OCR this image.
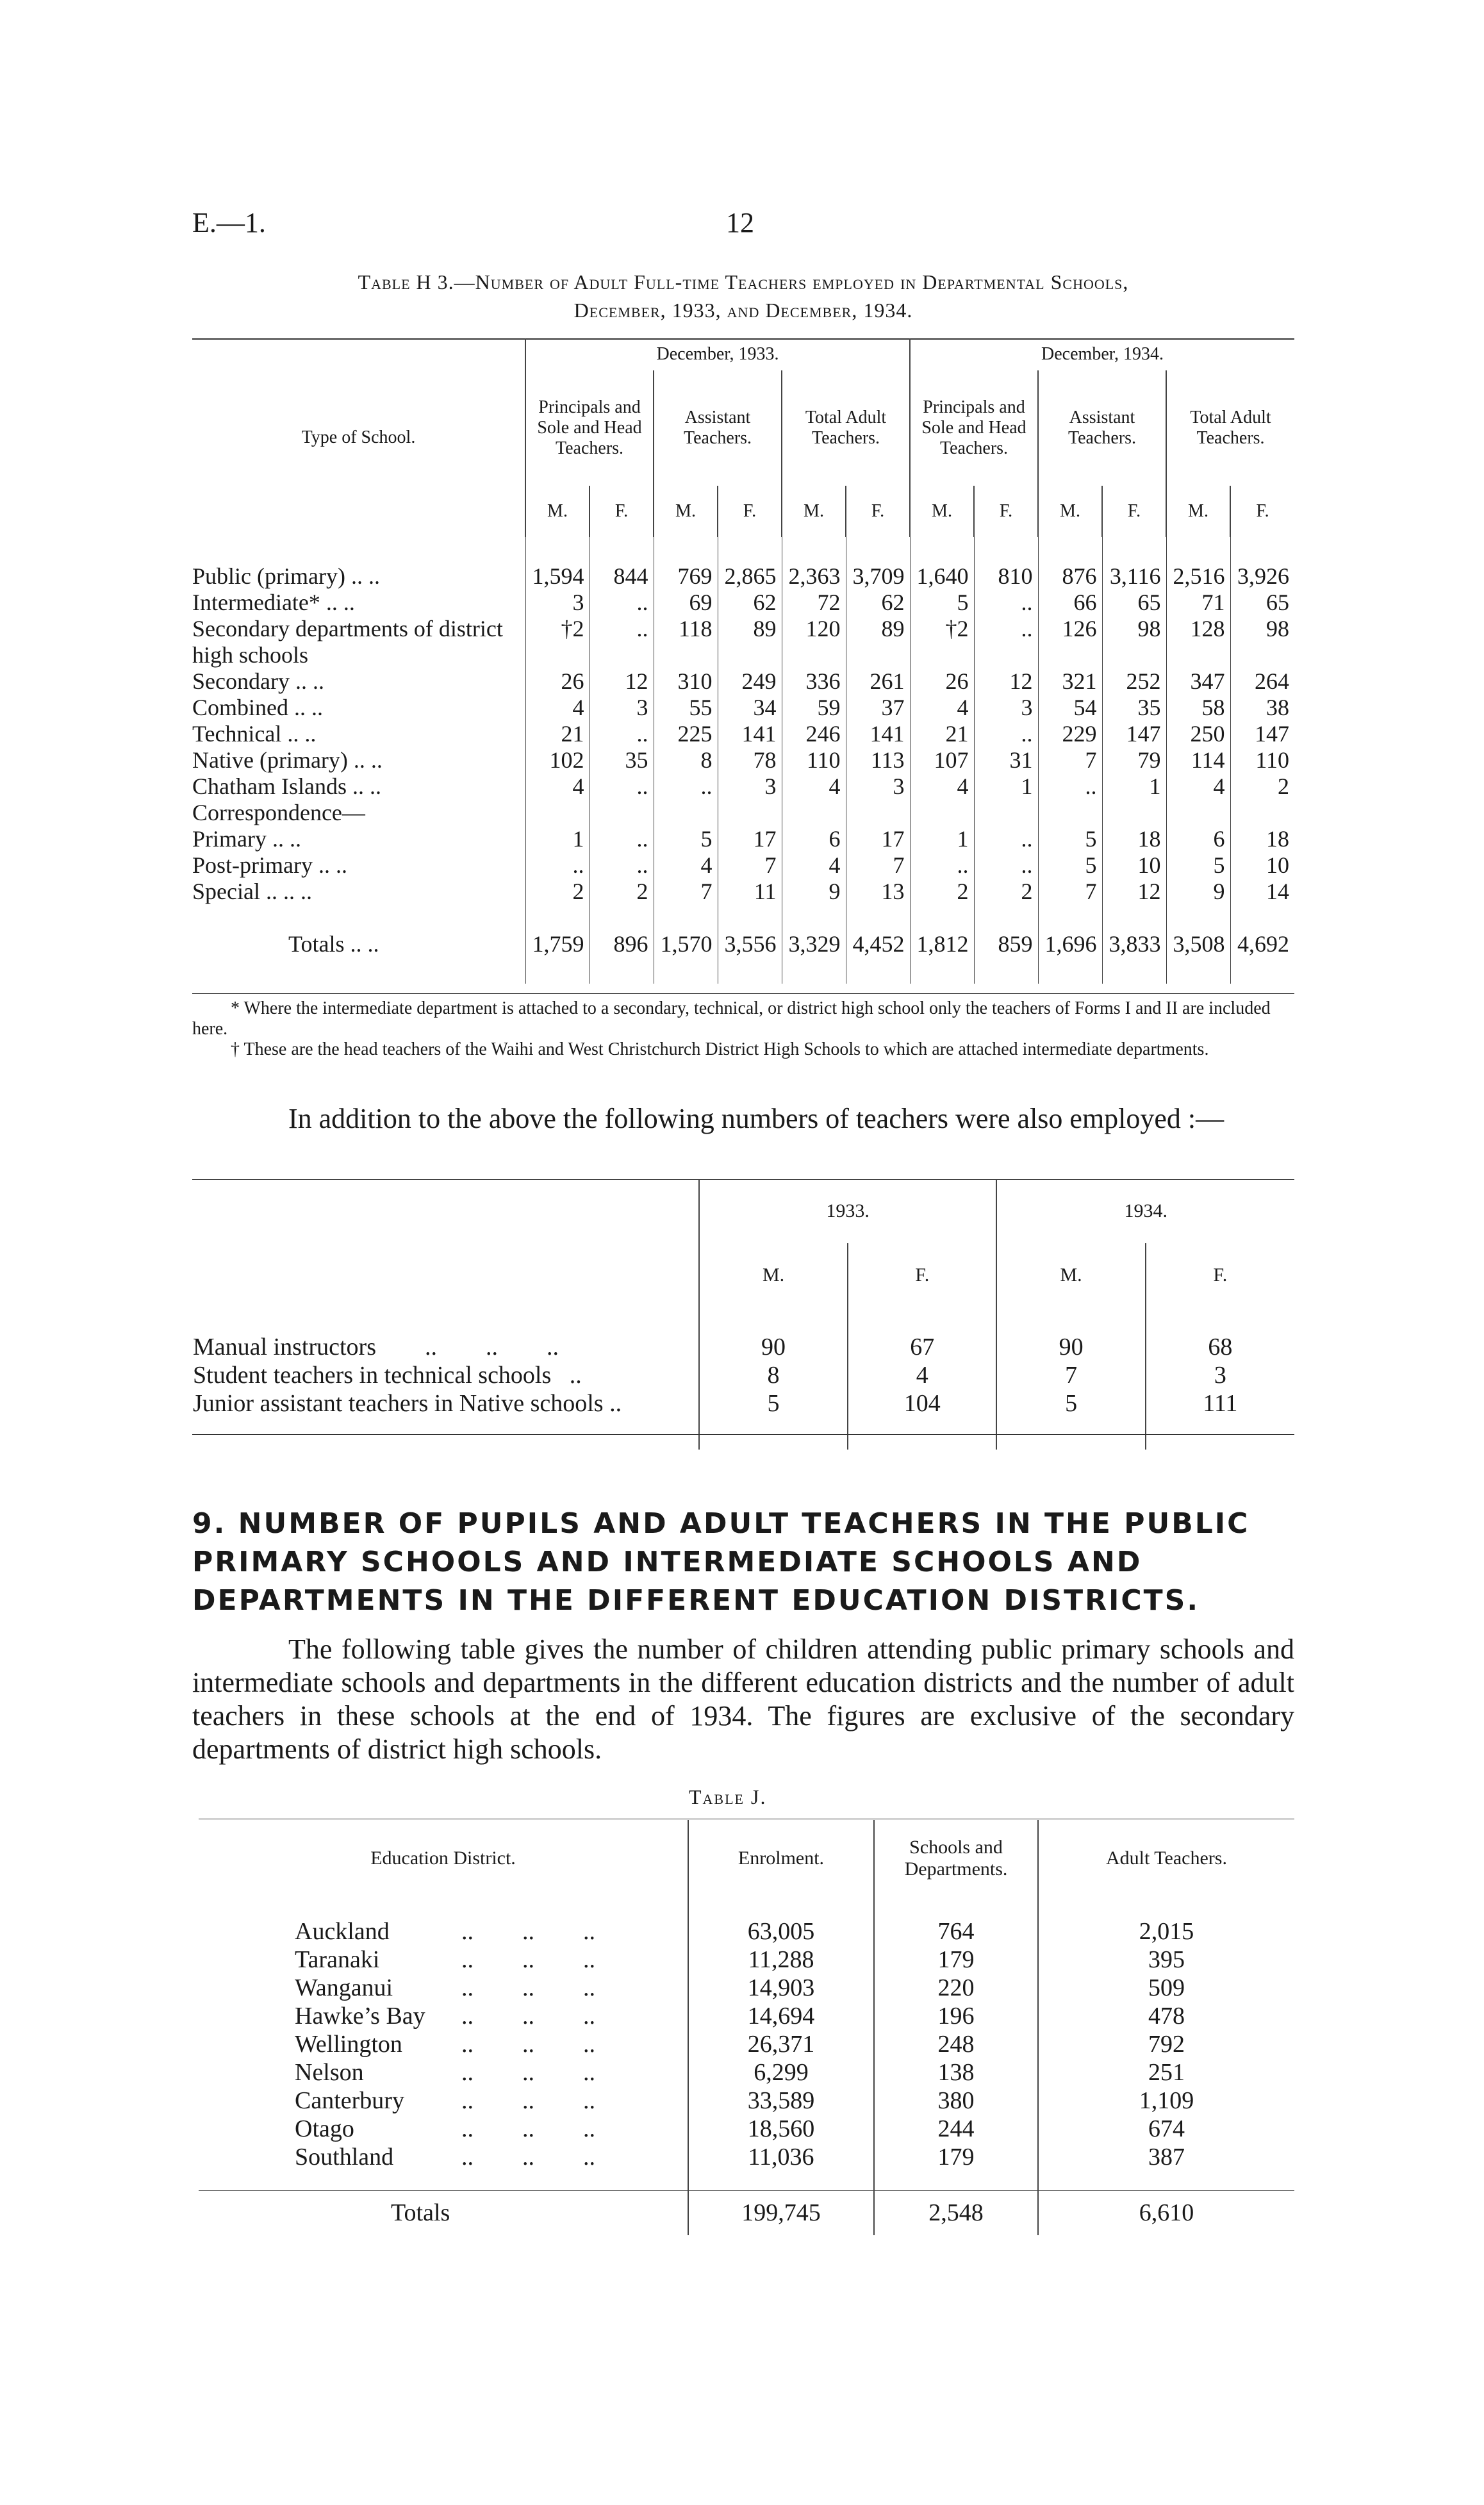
E.—1.	12
Table H 3.—Number of Adult Full-time Teachers employed in Departmental Schools,
December, 1933, and December, 1934.
Type of School.	December, 1933.						December, 1934.					
	Principals and Sole and Head Teachers.		Assistant Teachers.		Total Adult Teachers.		Principals and Sole and Head Teachers.		Assistant Teachers.		Total Adult Teachers.	
	M.	F.	M.	F.	M.	F.	M.	F.	M.	F.	M.	F.

Public (primary) .. ..	1,594	844	769	2,865	2,363	3,709	1,640	810	876	3,116	2,516	3,926
Intermediate* .. ..	3	..	69	62	72	62	5	..	66	65	71	65
Secondary departments of district high schools	†2	..	118	89	120	89	†2	..	126	98	128	98
Secondary .. ..	26	12	310	249	336	261	26	12	321	252	347	264
Combined .. ..	4	3	55	34	59	37	4	3	54	35	58	38
Technical .. ..	21	..	225	141	246	141	21	..	229	147	250	147
Native (primary) .. ..	102	35	8	78	110	113	107	31	7	79	114	110
Chatham Islands .. ..	4	..	..	3	4	3	4	1	..	1	4	2
Correspondence—												
Primary .. ..	1	..	5	17	6	17	1	..	5	18	6	18
Post-primary .. ..	..	..	4	7	4	7	..	..	5	10	5	10
Special .. .. ..	2	2	7	11	9	13	2	2	7	12	9	14

Totals .. ..	1,759	896	1,570	3,556	3,329	4,452	1,812	859	1,696	3,833	3,508	4,692

* Where the intermediate department is attached to a secondary, technical, or district high school only the teachers of Forms I and II are included here.

† These are the head teachers of the Waihi and West Christchurch District High Schools to which are attached intermediate departments.

In addition to the above the following numbers of teachers were also employed :—
	1933.		1934.	
	M.	F.	M.	F.

Manual instructors        ..        ..        ..	90	67	90	68
Student teachers in technical schools   ..	8	4	7	3
Junior assistant teachers in Native schools ..	5	104	5	111

9. NUMBER OF PUPILS AND ADULT TEACHERS IN THE PUBLIC PRIMARY SCHOOLS AND INTERMEDIATE SCHOOLS AND DEPARTMENTS IN THE DIFFERENT EDUCATION DISTRICTS.
The following table gives the number of children attending public primary schools and intermediate schools and departments in the different education districts and the number of adult teachers in these schools at the end of 1934. The figures are exclusive of the secondary departments of district high schools.
Table J.
Education District.	Enrolment.	Schools and Departments.	Adult Teachers.

Auckland ..        ..        ..	63,005	764	2,015
Taranaki ..        ..        ..	11,288	179	395
Wanganui ..        ..        ..	14,903	220	509
Hawke’s Bay ..        ..        ..	14,694	196	478
Wellington ..        ..        ..	26,371	248	792
Nelson ..        ..        ..	6,299	138	251
Canterbury ..        ..        ..	33,589	380	1,109
Otago ..        ..        ..	18,560	244	674
Southland ..        ..        ..	11,036	179	387

Totals	199,745	2,548	6,610
